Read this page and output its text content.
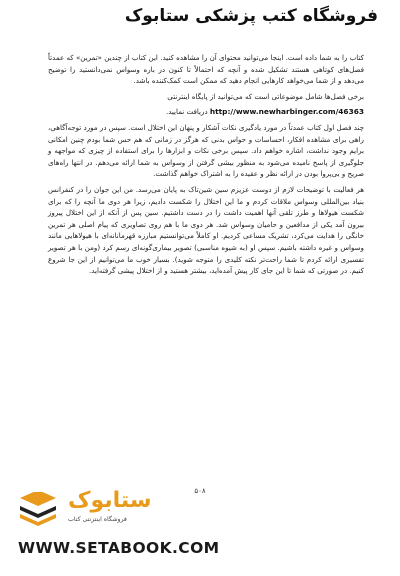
فروشگاه کتب پزشکی ستابوک

کتاب را به شما داده است. اینجا می‌توانید محتوای آن را مشاهده کنید. این کتاب از چندین «تمرین» که عمدتاً فصل‌های کوتاهی هستند تشکیل شده و آنچه که احتمالاً تا کنون در باره وسواس نمی‌دانستید را توضیح می‌دهد و از شما می‌خواهد کارهایی انجام دهید که ممکن است کمک‌کننده باشد.

برخی فصل‌ها شامل موضوعاتی است که می‌توانید از پایگاه اینترنتی

http://www.newharbinger.com/46363 دریافت نمایید.

چند فصل اول کتاب عمدتاً در مورد یادگیری نکات آشکار و پنهان این اختلال است. سپس در مورد توجه‌آگاهی، راهی برای مشاهده افکار، احساسات و حواس بدنی که هرگز در زمانی که هم حس شما بودم چنین امکانی برایم وجود نداشت، اشاره خواهم داد. سپس برخی نکات و ابزارها را برای استفاده از چیزی که مواجهه و جلوگیری از پاسخ نامیده می‌شود به منظور بیشی گرفتن از وسواس به شما ارائه می‌دهم. در انتها راه‌های صریح و بی‌پروا بودن در ارائه نظر و عقیده را به اشتراک خواهم گذاشت.

هر فعالیت با توضیحات لازم از دوست عزیزم سین شین‌تاک به پایان می‌رسد. من این جوان را در کنفرانس بنیاد بین‌المللی وسواس ملاقات کردم و ما این اختلال را شکست دادیم، زیرا هر دوی ما آنچه را که برای شکست هیولاها و طرز تلقی آنها اهمیت داشت را در دست داشتیم. سین پس از آنکه از این اختلال پیروز بیرون آمد یکی از مدافعین و حامیان وسواس شد. هر دوی ما با هم روی تصاویری که پیام اصلی هر تمرین خانگی را هدایت می‌کرد، تشریک مساعی کردیم. او کاملاً می‌توانستیم مبارزه قهرمانانه‌ای با هیولاهایی مانند وسواس و غیره داشته باشیم. سپس او (به شیوه مناسبی) تصویر بیماری‌گونه‌ای رسم کرد (ومن با هر تصویر تفسیری ارائه کردم تا شما راحت‌تر نکته کلیدی را متوجه شوید). بسیار خوب ما می‌توانیم از این جا شروع کنیم. در صورتی که شما تا این جای کار پیش آمده‌اید، بیشتر هستید و از اختلال پیشی گرفته‌اید.

۵۰۸
ستابوک
فروشگاه اینترنتی کتاب
WWW.SETABOOK.COM
